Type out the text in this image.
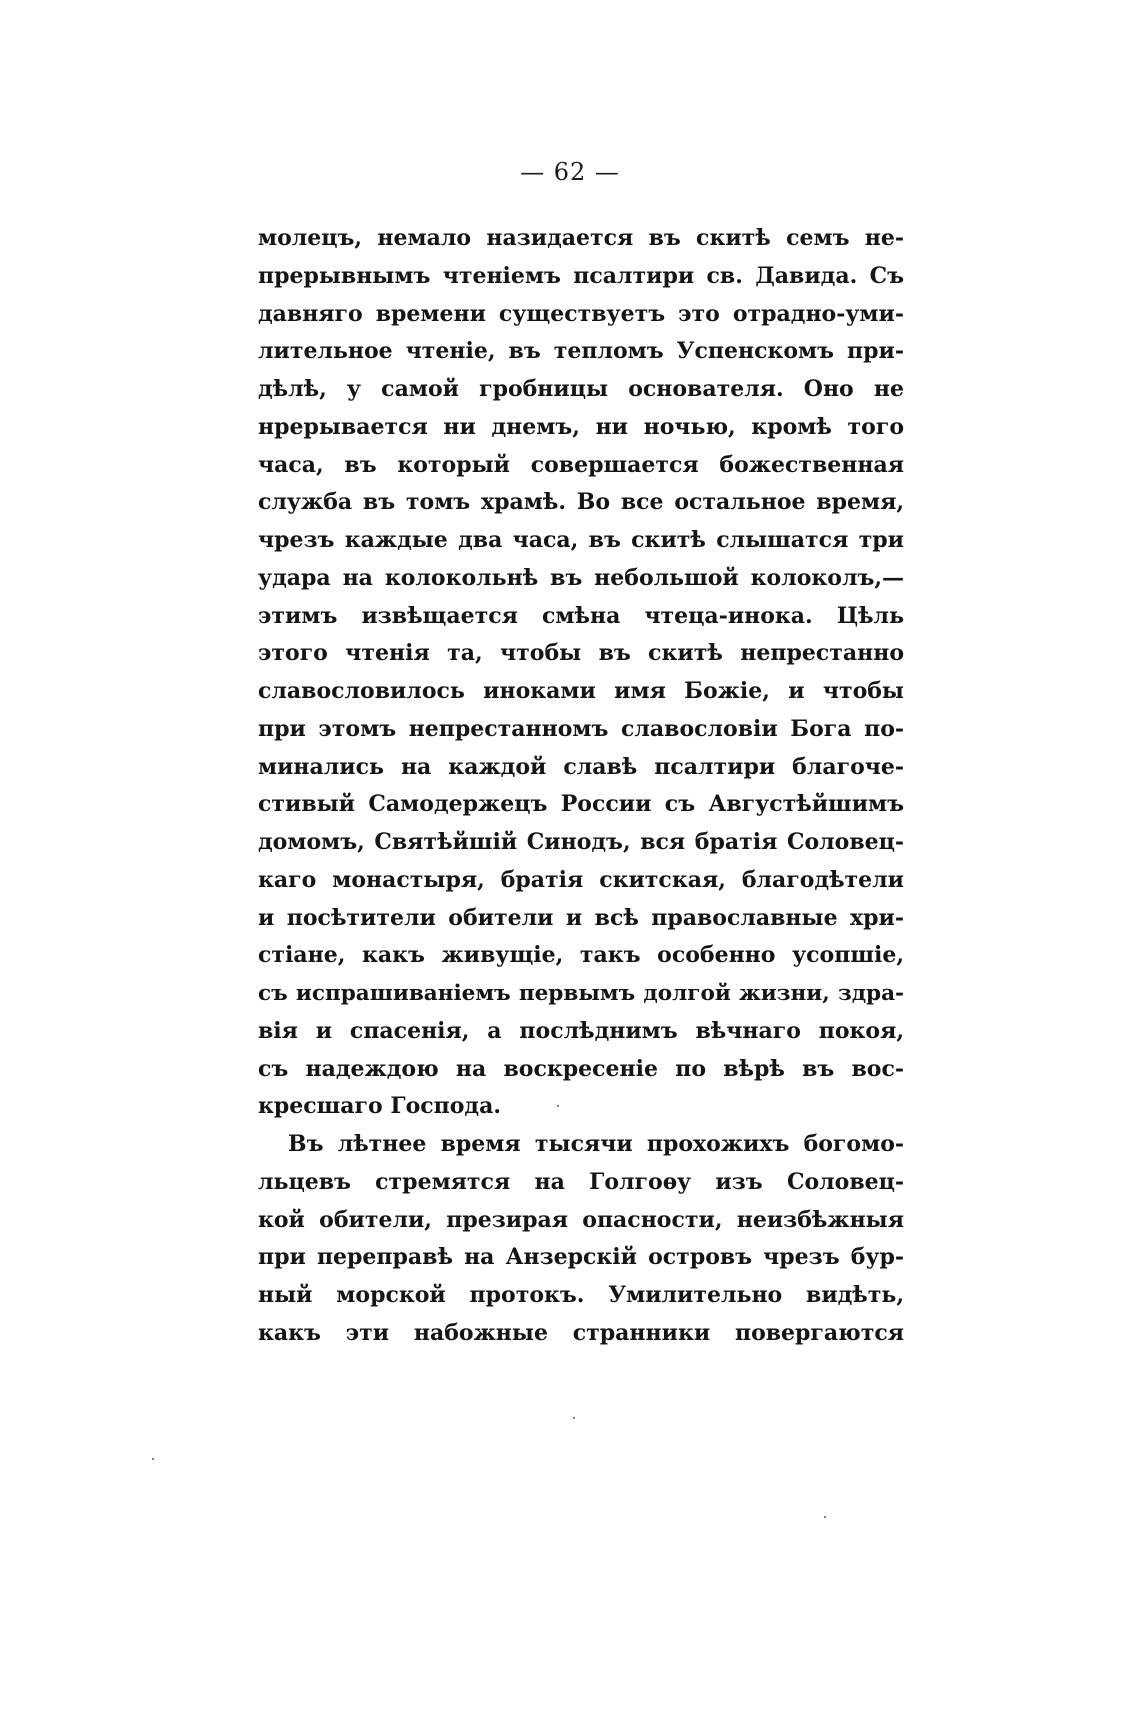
— 62 —
молецъ, немало назидается въ скитѣ семъ не-
прерывнымъ чтеніемъ псалтири св. Давида. Съ
давняго времени существуетъ это отрадно-уми-
лительное чтеніе, въ тепломъ Успенскомъ при-
дѣлѣ, у самой гробницы основателя. Оно не
нрерывается ни днемъ, ни ночью, кромѣ того
часа, въ который совершается божественная
служба въ томъ храмѣ. Во все остальное время,
чрезъ каждые два часа, въ скитѣ слышатся три
удара на колокольнѣ въ небольшой колоколъ,—
этимъ извѣщается смѣна чтеца-инока. Цѣль
этого чтенія та, чтобы въ скитѣ непрестанно
славословилось иноками имя Божіе, и чтобы
при этомъ непрестанномъ славословіи Бога по-
минались на каждой славѣ псалтири благоче-
стивый Самодержецъ России съ Августѣйшимъ
домомъ, Святѣйшій Синодъ, вся братія Соловец-
каго монастыря, братія скитская, благодѣтели
и посѣтители обители и всѣ православные хри-
стіане, какъ живущіе, такъ особенно усопшіе,
съ испрашиваніемъ первымъ долгой жизни, здра-
вія и спасенія, а послѣднимъ вѣчнаго покоя,
съ надеждою на воскресеніе по вѣрѣ въ вос-
кресшаго Господа.
Въ лѣтнее время тысячи прохожихъ богомо-
льцевъ стремятся на Голгоѳу изъ Соловец-
кой обители, презирая опасности, неизбѣжныя
при переправѣ на Анзерскій островъ чрезъ бур-
ный морской протокъ. Умилительно видѣть,
какъ эти набожные странники повергаются
